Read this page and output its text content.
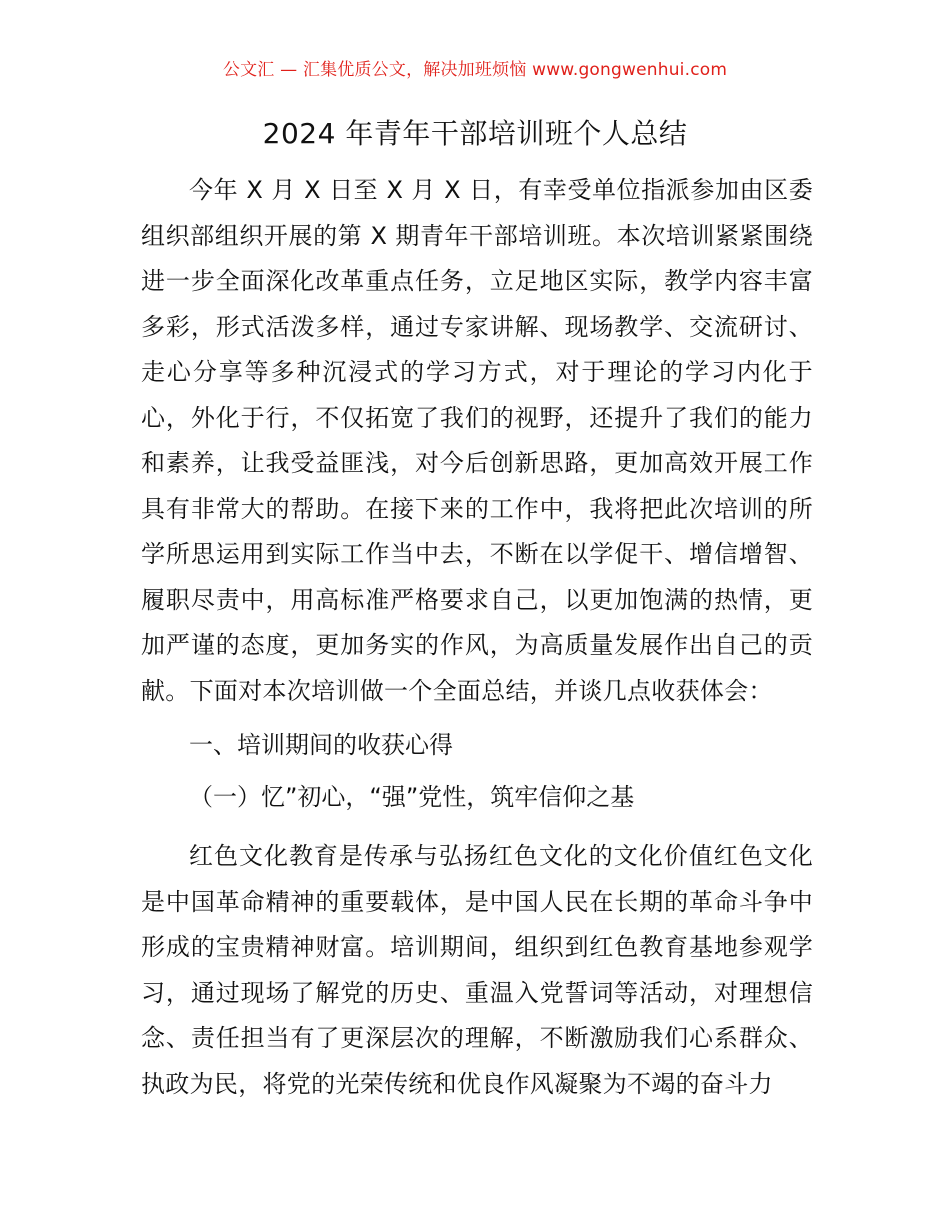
公文汇 — 汇集优质公文，解决加班烦恼 www.gongwenhui.com
2024 年青年干部培训班个人总结

今年 X 月 X 日至 X 月 X 日，有幸受单位指派参加由区委组织部组织开展的第 X 期青年干部培训班。本次培训紧紧围绕进一步全面深化改革重点任务，立足地区实际，教学内容丰富多彩，形式活泼多样，通过专家讲解、现场教学、交流研讨、走心分享等多种沉浸式的学习方式，对于理论的学习内化于心，外化于行，不仅拓宽了我们的视野，还提升了我们的能力和素养，让我受益匪浅，对今后创新思路，更加高效开展工作具有非常大的帮助。在接下来的工作中，我将把此次培训的所学所思运用到实际工作当中去，不断在以学促干、增信增智、履职尽责中，用高标准严格要求自己，以更加饱满的热情，更加严谨的态度，更加务实的作风，为高质量发展作出自己的贡献。下面对本次培训做一个全面总结，并谈几点收获体会：

一、培训期间的收获心得

（一）忆”初心，“强”党性，筑牢信仰之基

红色文化教育是传承与弘扬红色文化的文化价值红色文化是中国革命精神的重要载体，是中国人民在长期的革命斗争中形成的宝贵精神财富。培训期间，组织到红色教育基地参观学习，通过现场了解党的历史、重温入党誓词等活动，对理想信念、责任担当有了更深层次的理解，不断激励我们心系群众、执政为民，将党的光荣传统和优良作风凝聚为不竭的奋斗力
